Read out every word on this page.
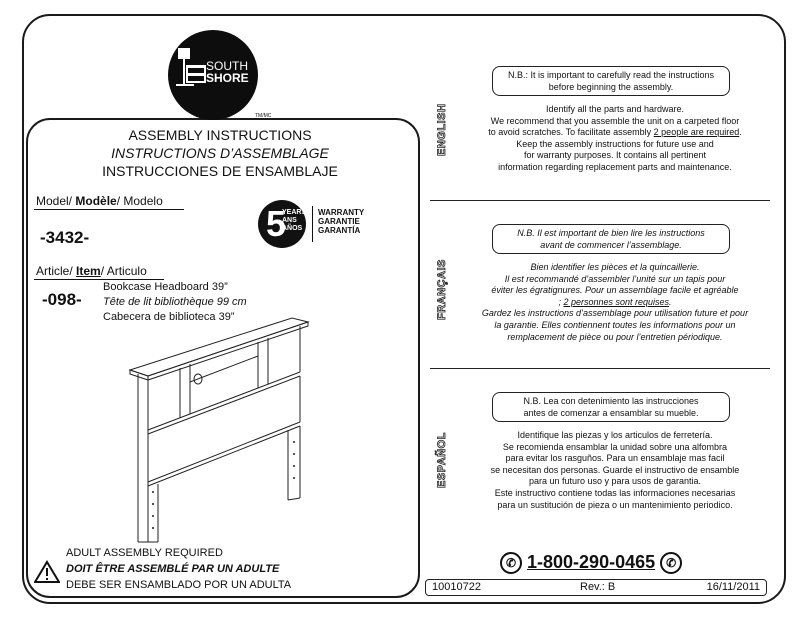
SOUTH
SHORE
TM/MC
ASSEMBLY INSTRUCTIONS
INSTRUCTIONS D’ASSEMBLAGE
INSTRUCCIONES DE ENSAMBLAJE
Model/ Modèle/ Modelo
-3432-	5
YEARS
ANS
AÑOS
WARRANTY
GARANTIE
GARANTÍA
Article/ Item/ Articulo
-098-
Bookcase Headboard 39”
Tête de lit bibliothèque 99 cm
Cabecera de biblioteca 39”
ADULT ASSEMBLY REQUIRED
DOIT ÊTRE ASSEMBLÉ PAR UN ADULTE
DEBE SER ENSAMBLADO POR UN ADULTA
ENGLISH
FRANÇAIS
ESPAÑOL
N.B.: It is important to carefully read the instructions
before beginning the assembly.
Identify all the parts and hardware.
We recommend that you assemble the unit on a carpeted floor
to avoid scratches. To facilitate assembly 2 people are required.
Keep the assembly instructions for future use and
for warranty purposes. It contains all pertinent
information regarding replacement parts and maintenance.
N.B. Il est important de bien lire les instructions
avant de commencer l’assemblage.
Bien identifier les pièces et la quincaillerie.
Il est recommandé d’assembler l’unité sur un tapis pour
éviter les égratignures. Pour un assemblage facile et agréable
; 2 personnes sont requises.
Gardez les instructions d’assemblage pour utilisation future et pour
la garantie. Elles contiennent toutes les informations pour un
remplacement de pièce ou pour l’entretien périodique.
N.B. Lea con detenimiento las instrucciones
antes de comenzar a ensamblar su mueble.
Identifique las piezas y los articulos de ferretería.
Se recomienda ensamblar la unidad sobre una alfombra
para evitar los rasguños. Para un ensamblaje mas facil
se necesitan dos personas. Guarde el instructivo de ensamble
para un futuro uso y para usos de garantia.
Este instructivo contiene todas las informaciones necesarias
para un sustitución de pieza o un mantenimiento periodico.
✆ 1-800-290-0465 ✆
10010722	Rev.: B	16/11/2011
